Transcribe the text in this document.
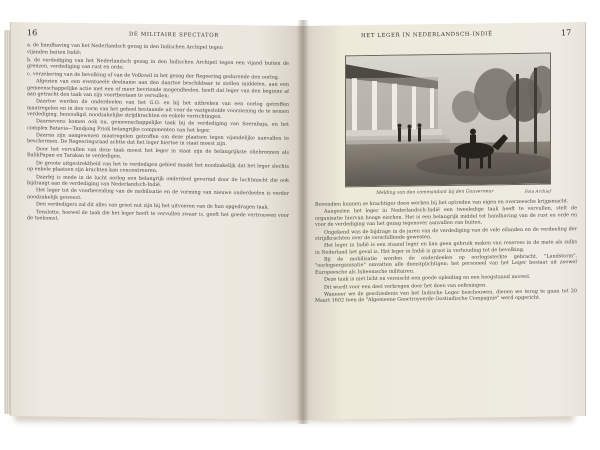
16	DE MILITAIRE SPECTATOR

a. de handhaving van het Nederlandsch gezag in den Indischen Archipel tegen

vijanden buiten Indië;

b. de verdediging van het Nederlandsch gezag in den Indischen Archipel tegen een vijand buiten de grenzen, verdediging van rust en orde;

c. verzekering van de bevolking of van de Volkswil in het gezag der Regeering gedurende den oorlog.

Afgezien van een eventueele deelname aan den daartoe beschikbaar te stellen middelen, aan een gemeenschappelijke actie met een of meer bevriende mogendheden, heeft dat leger van den beginne af aan getracht den taak van zijn voortbestaan te vervullen;

Daartoe werden de onderdeelen van het G.O. en bij het uitbreken van een oorlog getroffen maatregelen en in den vorm van het geheel bestaande uit voor de vastgestelde voorziening de te nemen verdediging, benoodigd, noodzakelijke strijdkrachten en enkele verrichtingen.

Daarnevens komen ook nu, gemeenschappelijke taak bij de verdediging van Soerabaja, en het complex Batavia—Tandjong Priok belangrijke componenten van het leger.

Daarna zijn aangewezen maatregelen getroffen om deze plaatsen tegen vijandelijke aanvallen te beschermen. De Regeeringsraad achtte dat het leger hiertoe in staat moest zijn.

Door het vervullen van deze taak moest het leger in staat zijn de belangrijkste oliebronnen als BalikPapan en Tarakan te verdedigen.

De groote uitgestrektheid van het te verdedigen gebied maakt het noodzakelijk dat het leger slechts op enkele plaatsen zijn krachten kan concentreeren.

Daarbij is mede in de lucht oorlog een belangrijk onderdeel gevormd door de luchtmacht die ook bijdraagt aan de verdediging van Nederlandsch-Indië.

Het leger tot de voorbereiding van de mobilisatie en de vorming van nieuwe onderdeelen is verder noodzakelijk geweest.

Den verdedigers zal dit alles van groot nut zijn bij het uitvoeren van de hun opgedragen taak.

Tenslotte, hoewel de taak die het leger heeft te vervullen zwaar is, geeft het goede vertrouwen voor de toekomst.

HET LEGER IN NEDERLANDSCH-INDIË	17
Melding van den commandant bij den Gouverneur	Foto Archief

Bovendien kunnen ze krachtiger doen werken bij het optreden van eigen en overzeesche krijgsmacht.

Aangezien het leger in Nederlandsch-Indië een tweeledige taak heeft te vervullen, stelt de organisatie hiervan hooge eischen. Het is een belangrijk middel tot handhaving van de rust en orde en voor de verdediging van het gezag tegenover aanvallen van buiten.

Ongekend was de bijdrage in de jaren van de verdediging van de vele eilanden en de verdeeling der strijdkrachten over de verschillende gewesten.

Het leger in Indië is een staand leger en kan geen gebruik maken van reserves in de mate als zulks in Nederland het geval is. Het leger in Indië is groot in verhouding tot de bevolking.

Bij de mobilisatie worden de onderdeelen op oorlogssterkte gebracht, "Landstorm", "oorlogsorganisatie" omvatten alle dienstplichtigen; het personeel van het Leger bestaat uit zoowel Europeesche als Inheemsche militairen.

Deze taak is niet licht en vereischt een goede opleiding en een hoogstaand moreel.

Dit wordt voor een deel verkregen door het doen van oefeningen.

Wanneer we de geschiedenis van het Indische Leger beschouwen, dienen we terug te gaan tot 20 Maart 1602 toen de "Algemeene Geoctroyeerde Oostindische Compagnie" werd opgericht.
